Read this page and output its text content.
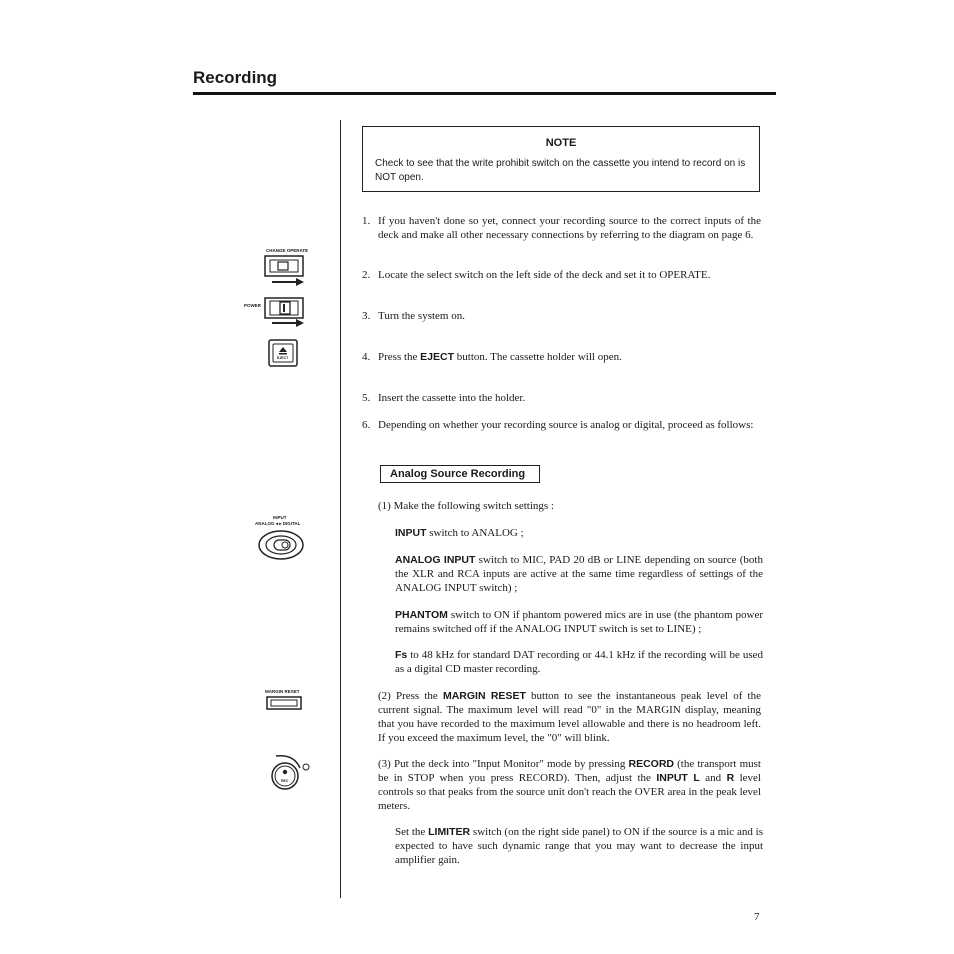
Recording
NOTE
Check to see that the write prohibit switch on the cassette you intend to record on is NOT open.
1. If you haven't done so yet, connect your recording source to the correct inputs of the deck and make all other necessary connections by referring to the diagram on page 6.
2. Locate the select switch on the left side of the deck and set it to OPERATE.
3. Turn the system on.
4. Press the EJECT button. The cassette holder will open.
5. Insert the cassette into the holder.
6. Depending on whether your recording source is analog or digital, proceed as follows:
Analog Source Recording
(1) Make the following switch settings :
INPUT switch to ANALOG ;
ANALOG INPUT switch to MIC, PAD 20 dB or LINE depending on source (both the XLR and RCA inputs are active at the same time regardless of settings of the ANALOG INPUT switch) ;
PHANTOM switch to ON if phantom powered mics are in use (the phantom power remains switched off if the ANALOG INPUT switch is set to LINE) ;
Fs to 48 kHz for standard DAT recording or 44.1 kHz if the recording will be used as a digital CD master recording.
(2) Press the MARGIN RESET button to see the instantaneous peak level of the current signal. The maximum level will read "0" in the MARGIN display, meaning that you have recorded to the maximum level allowable and there is no headroom left. If you exceed the maximum level, the "0" will blink.
(3) Put the deck into "Input Monitor" mode by pressing RECORD (the transport must be in STOP when you press RECORD). Then, adjust the INPUT L and R level controls so that peaks from the source unit don't reach the OVER area in the peak level meters.
Set the LIMITER switch (on the right side panel) to ON if the source is a mic and is expected to have such dynamic range that you may want to decrease the input amplifier gain.
7
CHANGE OPERATE
POWER
EJECT
INPUT
ANALOG ◂ ▸ DIGITAL
MARGIN RESET
REC
